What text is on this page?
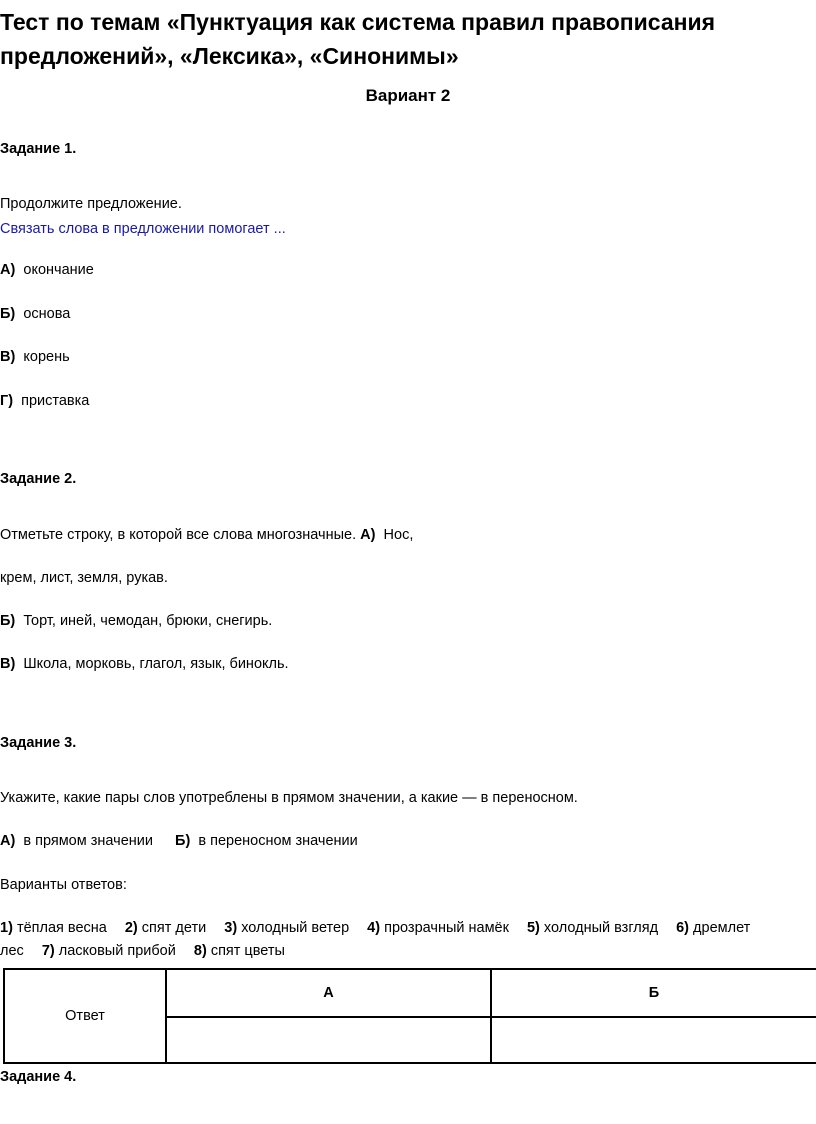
Тест по темам «Пунктуация как система правил правописания
предложений», «Лексика», «Синонимы»
Вариант 2
Задание 1.
Продолжите предложение.
Связать слова в предложении помогает ...
А) окончание
Б) основа
В) корень
Г) приставка
Задание 2.
Отметьте строку, в которой все слова многозначные. А) Нос,
крем, лист, земля, рукав.
Б) Торт, иней, чемодан, брюки, снегирь.
В) Школа, морковь, глагол, язык, бинокль.
Задание 3.
Укажите, какие пары слов употреблены в прямом значении, а какие — в переносном.
А) в прямом значении Б) в переносном значении
Варианты ответов:
1) тёплая весна 2) спят дети 3) холодный ветер 4) прозрачный намёк 5) холодный взгляд 6) дремлет
лес 7) ласковый прибой 8) спят цветы
Ответ	А	Б

Задание 4.
